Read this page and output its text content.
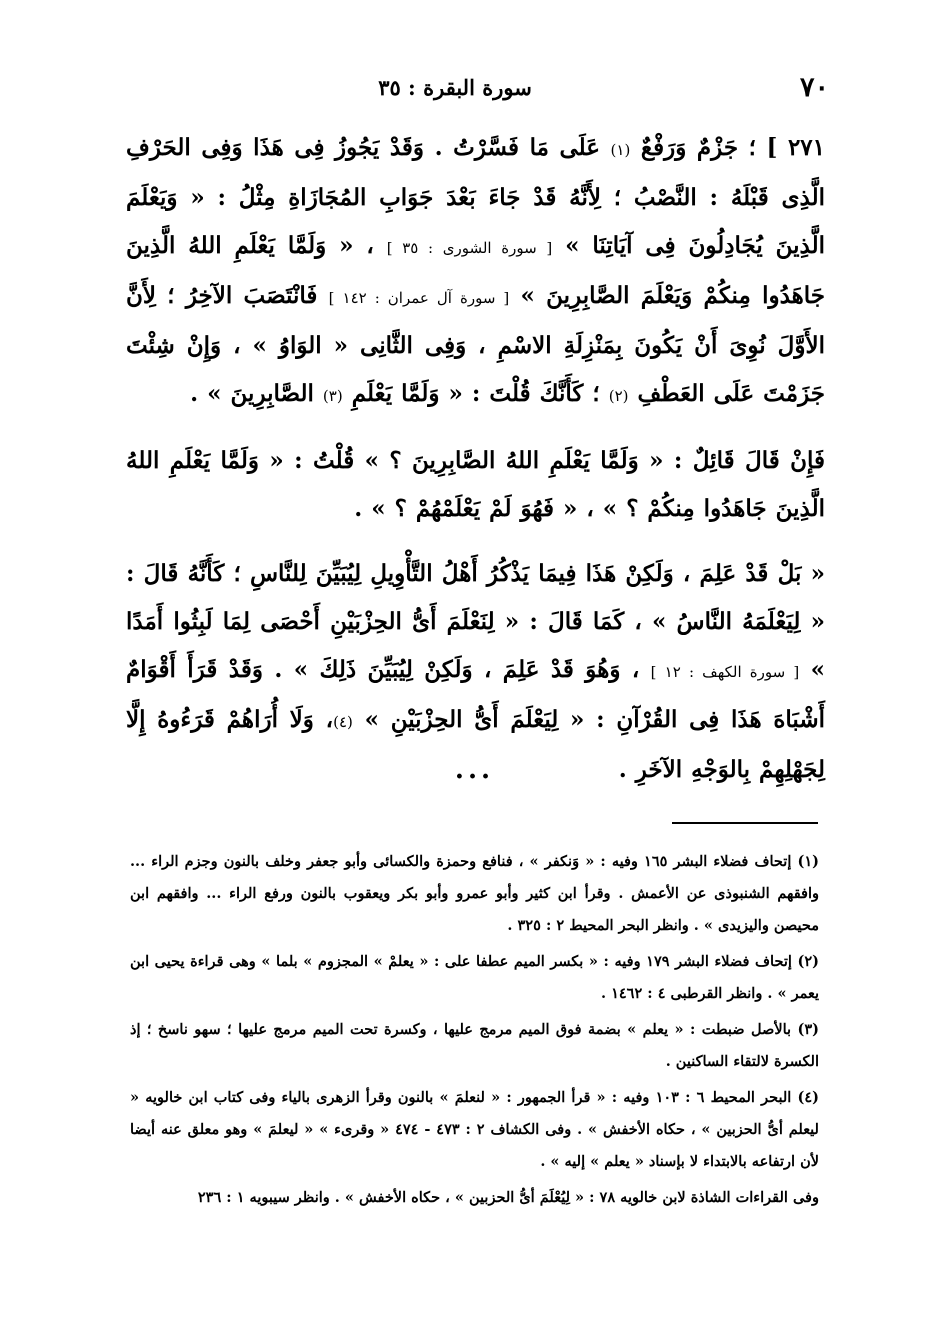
٧٠
سورة البقرة : ٣٥

٢٧١ ] ؛ جَزْمٌ وَرَفْعٌ (١) عَلَى مَا فَسَّرْتُ . وَقَدْ يَجُوزُ فِى هَذَا وَفِى الحَرْفِ الَّذِى قَبْلَهُ : النَّصْبُ ؛ لِأَنَّهُ قَدْ جَاءَ بَعْدَ جَوَابِ المُجَازَاةِ مِثْلُ : « وَيَعْلَمَ الَّذِينَ يُجَادِلُونَ فِى آيَاتِنَا » [ سورة الشورى : ٣٥ ] ، « وَلَمَّا يَعْلَمِ اللهُ الَّذِينَ جَاهَدُوا مِنكُمْ وَيَعْلَمَ الصَّابِرِينَ » [ سورة آل عمران : ١٤٢ ] فَانْتَصَبَ الآخِرُ ؛ لِأَنَّ الأَوَّلَ نُوِىَ أَنْ يَكُونَ بِمَنْزِلَةِ الاسْمِ ، وَفِى الثَّانِى « الوَاوُ » ، وَإِنْ شِئْتَ جَزَمْتَ عَلَى العَطْفِ (٢) ؛ كَأَنَّكَ قُلْتَ : « وَلَمَّا يَعْلَمِ (٣) الصَّابِرِينَ » .

فَإِنْ قَالَ قَائِلٌ : « وَلَمَّا يَعْلَمِ اللهُ الصَّابِرِينَ ؟ » قُلْتُ : « وَلَمَّا يَعْلَمِ اللهُ الَّذِينَ جَاهَدُوا مِنكُمْ ؟ » ، « فَهُوَ لَمْ يَعْلَمْهُمْ ؟ » .

« بَلْ قَدْ عَلِمَ ، وَلَكِنْ هَذَا فِيمَا يَذْكُرُ أَهْلُ التَّأْوِيلِ لِيُبَيِّنَ لِلنَّاسِ ؛ كَأَنَّهُ قَالَ : « لِيَعْلَمَهُ النَّاسُ » ، كَمَا قَالَ : « لِنَعْلَمَ أَىُّ الحِزْبَيْنِ أَحْصَى لِمَا لَبِثُوا أَمَدًا » [ سورة الكهف : ١٢ ] ، وَهُوَ قَدْ عَلِمَ ، وَلَكِنْ لِيُبَيِّنَ ذَلِكَ » . وَقَدْ قَرَأَ أَقْوَامٌ أَشْبَاهَ هَذَا فِى القُرْآنِ : « لِيَعْلَمَ أَىُّ الحِزْبَيْنِ » (٤)، وَلَا أُرَاهُمْ قَرَءُوهُ إِلَّا لِجَهْلِهِمْ بِالوَجْهِ الآخَرِ .

...

(١) إتحاف فضلاء البشر ١٦٥ وفيه : « وَنكفر » ، فنافع وحمزة والكسائى وأبو جعفر وخلف بالنون وجزم الراء ... وافقهم الشنبوذى عن الأعمش . وقرأ ابن كثير وأبو عمرو وأبو بكر ويعقوب بالنون ورفع الراء ... وافقهم ابن محيصن واليزيدى » . وانظر البحر المحيط ٢ : ٣٢٥ .

(٢) إتحاف فضلاء البشر ١٧٩ وفيه : « بكسر الميم عطفا على : « يعلمْ » المجزوم » بلما » وهى قراءة يحيى ابن يعمر » . وانظر القرطبى ٤ : ١٤٦٢ .

(٣) بالأصل ضبطت : « يعلم » بضمة فوق الميم مرمج عليها ، وكسرة تحت الميم مرمج عليها ؛ سهو ناسخ ؛ إذ الكسرة لالتقاء الساكنين .

(٤) البحر المحيط ٦ : ١٠٣ وفيه : « قرأ الجمهور : « لنعلمَ » بالنون وقرأ الزهرى بالياء وفى كتاب ابن خالويه « ليعلم أىُّ الحزبين » ، حكاه الأخفش » . وفى الكشاف ٢ : ٤٧٣ - ٤٧٤ « وقرىء » « ليعلمَ » وهو معلق عنه أيضا لأن ارتفاعه بالابتداء لا بإسناد « يعلم » إليه » .

وفى القراءات الشاذة لابن خالويه ٧٨ : « لِيُعْلَمَ أىُّ الحزبين » ، حكاه الأخفش » . وانظر سيبويه ١ : ٢٣٦
